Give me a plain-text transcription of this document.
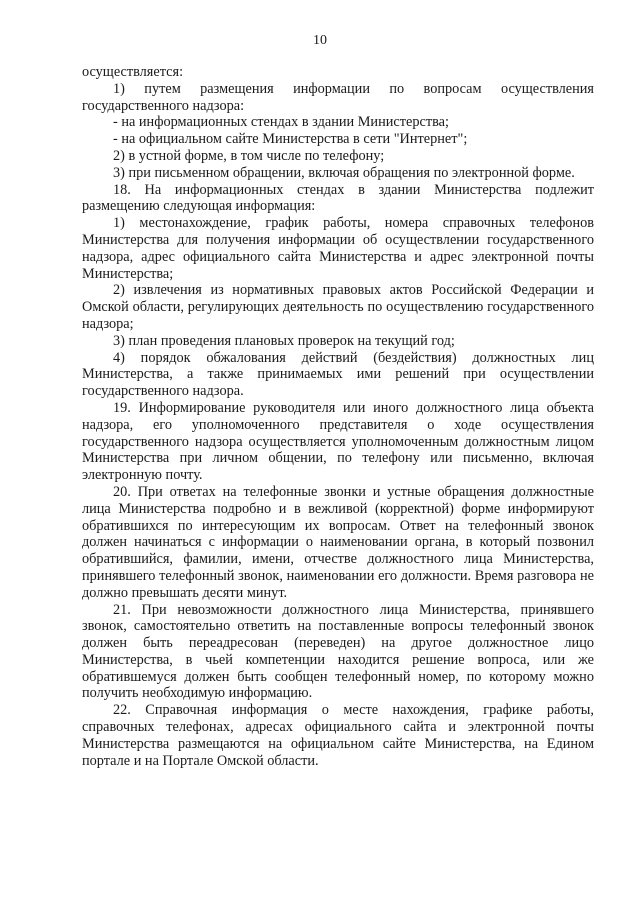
10

осуществляется:

1) путем размещения информации по вопросам осуществления государственного надзора:

- на информационных стендах в здании Министерства;

- на официальном сайте Министерства в сети "Интернет";

2) в устной форме, в том числе по телефону;

3) при письменном обращении, включая обращения по электронной форме.

18. На информационных стендах в здании Министерства подлежит размещению следующая информация:

1) местонахождение, график работы, номера справочных телефонов Министерства для получения информации об осуществлении государственного надзора, адрес официального сайта Министерства и адрес электронной почты Министерства;

2) извлечения из нормативных правовых актов Российской Федерации и Омской области, регулирующих деятельность по осуществлению государственного надзора;

3) план проведения плановых проверок на текущий год;

4) порядок обжалования действий (бездействия) должностных лиц Министерства, а также принимаемых ими решений при осуществлении государственного надзора.

19. Информирование руководителя или иного должностного лица объекта надзора, его уполномоченного представителя о ходе осуществления государственного надзора осуществляется уполномоченным должностным лицом Министерства при личном общении, по телефону или письменно, включая электронную почту.

20. При ответах на телефонные звонки и устные обращения должностные лица Министерства подробно и в вежливой (корректной) форме информируют обратившихся по интересующим их вопросам. Ответ на телефонный звонок должен начинаться с информации о наименовании органа, в который позвонил обратившийся, фамилии, имени, отчестве должностного лица Министерства, принявшего телефонный звонок, наименовании его должности. Время разговора не должно превышать десяти минут.

21. При невозможности должностного лица Министерства, принявшего звонок, самостоятельно ответить на поставленные вопросы телефонный звонок должен быть переадресован (переведен) на другое должностное лицо Министерства, в чьей компетенции находится решение вопроса, или же обратившемуся должен быть сообщен телефонный номер, по которому можно получить необходимую информацию.

22. Справочная информация о месте нахождения, графике работы, справочных телефонах, адресах официального сайта и электронной почты Министерства размещаются на официальном сайте Министерства, на Едином портале и на Портале Омской области.
